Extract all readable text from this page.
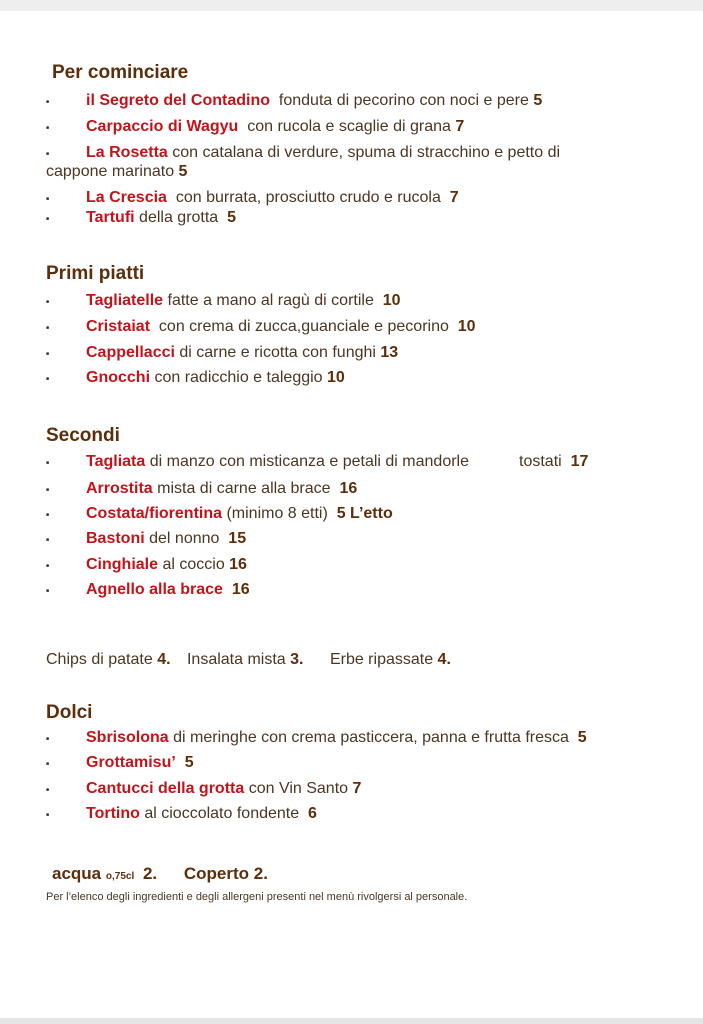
Per cominciare
■ il Segreto del Contadino  fonduta di pecorino con noci e pere 5
■ Carpaccio di Wagyu  con rucola e scaglie di grana 7
■ La Rosetta con catalana di verdure, spuma di stracchino e petto di
cappone marinato 5
■ La Crescia  con burrata, prosciutto crudo e rucola  7
■ Tartufi della grotta  5
Primi piatti
■ Tagliatelle fatte a mano al ragù di cortile  10
■ Cristaiat  con crema di zucca,guanciale e pecorino  10
■ Cappellacci di carne e ricotta con funghi 13
■ Gnocchi con radicchio e taleggio 10
Secondi
■ Tagliata di manzo con misticanza e petali di mandorle	tostati  17
■ Arrostita mista di carne alla brace  16
■ Costata/fiorentina (minimo 8 etti)  5 L’etto
■ Bastoni del nonno  15
■ Cinghiale al coccio 16
■ Agnello alla brace 16
Dolci
■ Sbrisolona di meringhe con crema pasticcera, panna e frutta fresca  5
■ Grottamisu’ 5
■ Cantucci della grotta con Vin Santo 7
■ Tortino al cioccolato fondente  6
Chips di patate 4. Insalata mista 3. Erbe ripassate 4.
acqua o,75cl 2. Coperto 2.
Per l’elenco degli ingredienti e degli allergeni presenti nel menù rivolgersi al personale.
